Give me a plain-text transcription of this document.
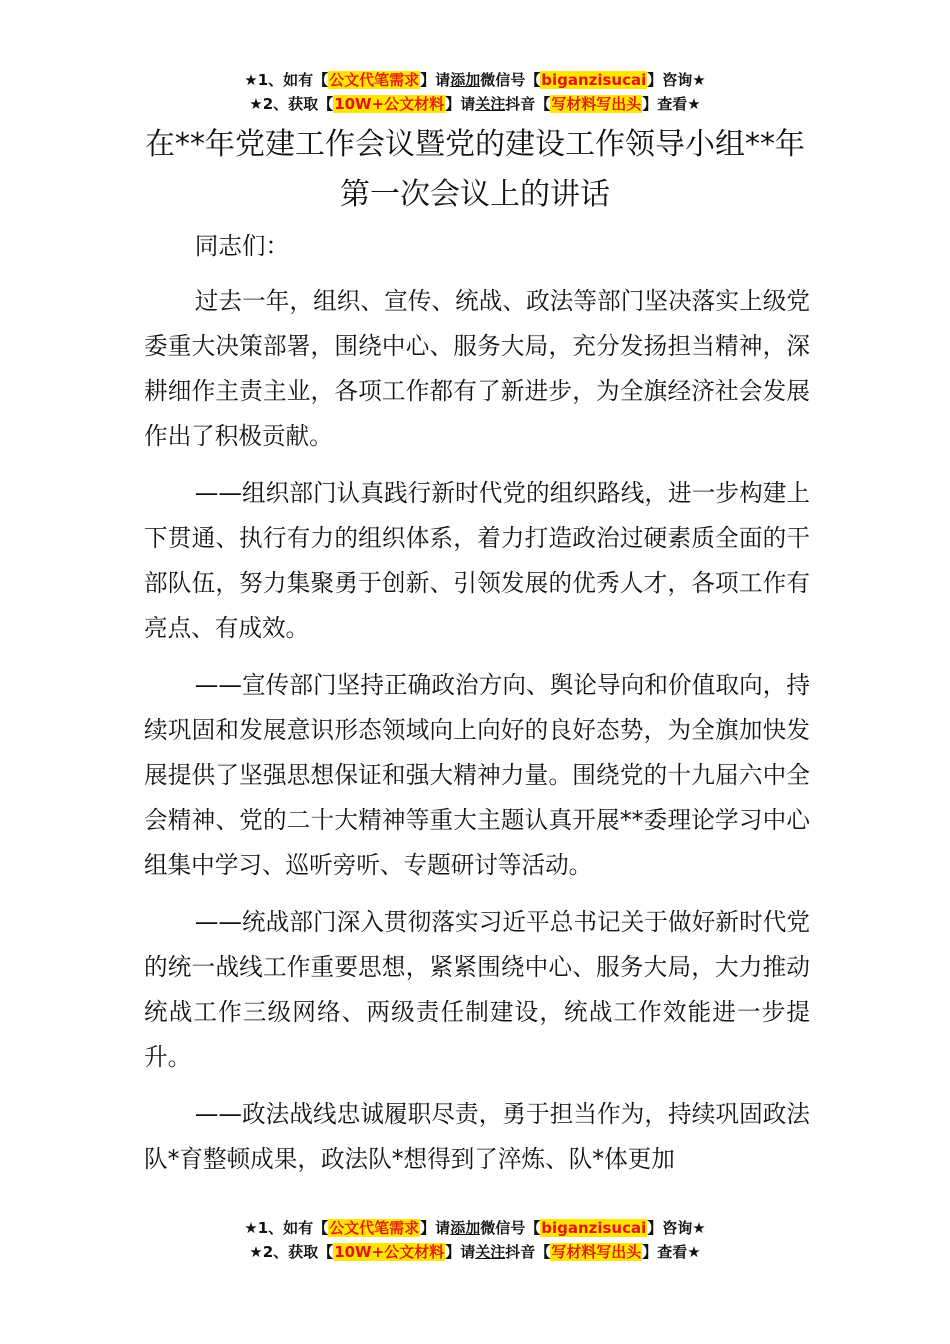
★1、如有【公文代笔需求】请添加微信号【biganzisucai】咨询★
★2、获取【10W+公文材料】请关注抖音【写材料写出头】查看★
在**年党建工作会议暨党的建设工作领导小组**年第一次会议上的讲话

同志们：

过去一年，组织、宣传、统战、政法等部门坚决落实上级党委重大决策部署，围绕中心、服务大局，充分发扬担当精神，深耕细作主责主业，各项工作都有了新进步，为全旗经济社会发展作出了积极贡献。

——组织部门认真践行新时代党的组织路线，进一步构建上下贯通、执行有力的组织体系，着力打造政治过硬素质全面的干部队伍，努力集聚勇于创新、引领发展的优秀人才，各项工作有亮点、有成效。

——宣传部门坚持正确政治方向、舆论导向和价值取向，持续巩固和发展意识形态领域向上向好的良好态势，为全旗加快发展提供了坚强思想保证和强大精神力量。围绕党的十九届六中全会精神、党的二十大精神等重大主题认真开展**委理论学习中心组集中学习、巡听旁听、专题研讨等活动。

——统战部门深入贯彻落实习近平总书记关于做好新时代党的统一战线工作重要思想，紧紧围绕中心、服务大局，大力推动统战工作三级网络、两级责任制建设，统战工作效能进一步提升。

——政法战线忠诚履职尽责，勇于担当作为，持续巩固政法队*育整顿成果，政法队*想得到了淬炼、队*体更加

★1、如有【公文代笔需求】请添加微信号【biganzisucai】咨询★
★2、获取【10W+公文材料】请关注抖音【写材料写出头】查看★
